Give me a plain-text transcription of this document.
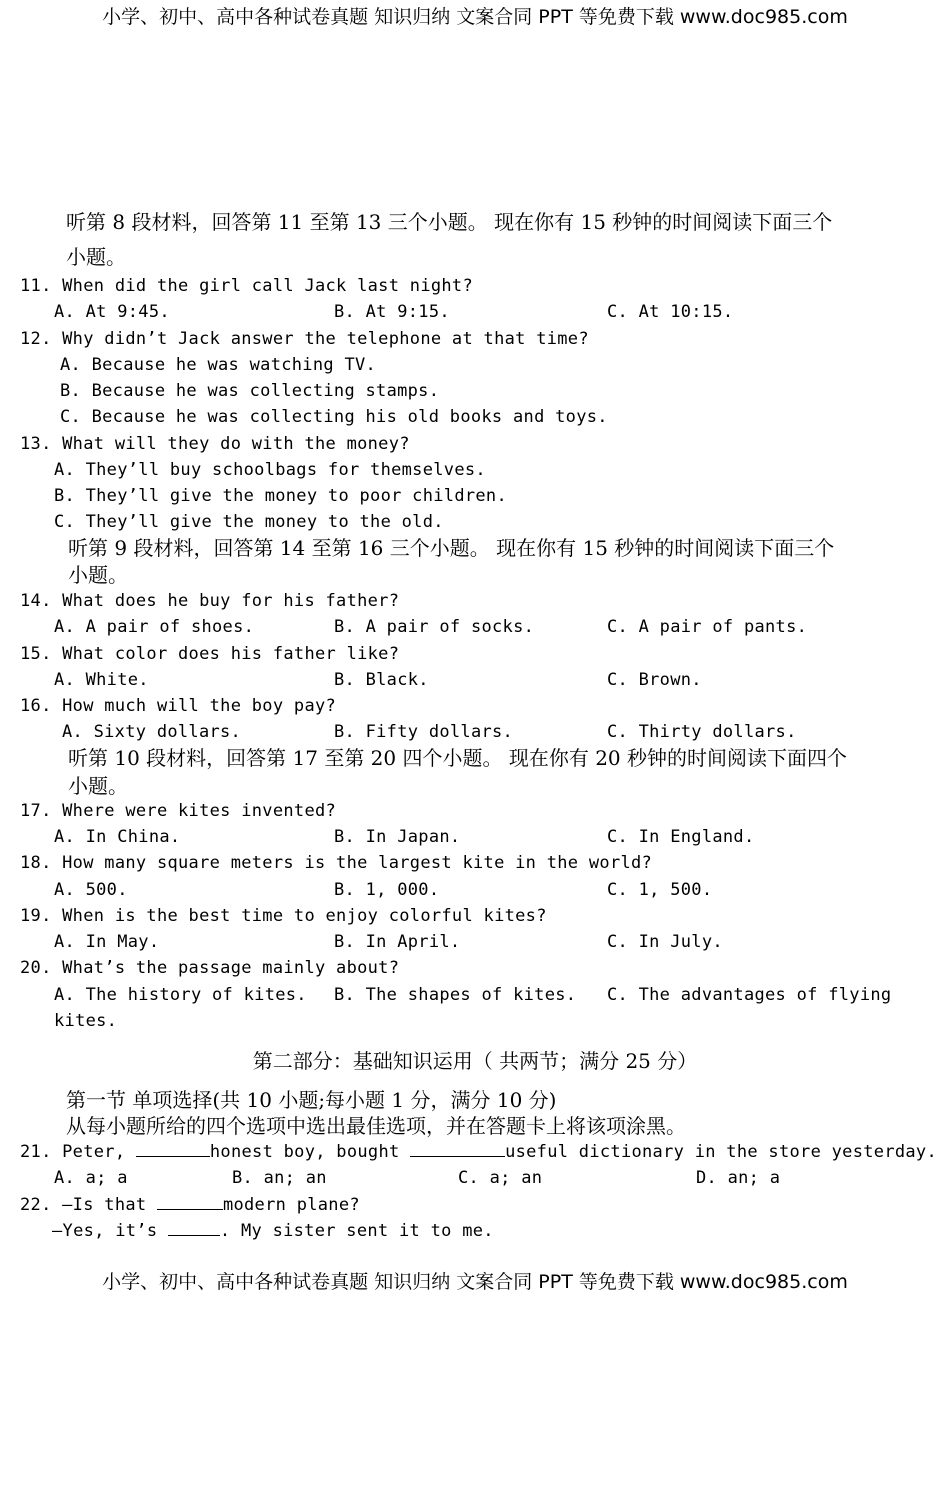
小学、初中、高中各种试卷真题 知识归纳 文案合同 PPT 等免费下载 www.doc985.com
听第 8 段材料，回答第 11 至第 13 三个小题。 现在你有 15 秒钟的时间阅读下面三个
小题。
11. When did the girl call Jack last night?
A. At 9:45.	B. At 9:15.	C. At 10:15.
12. Why didn’t Jack answer the telephone at that time?
A. Because he was watching TV.
B. Because he was collecting stamps.
C. Because he was collecting his old books and toys.
13. What will they do with the money?
A. They’ll buy schoolbags for themselves.
B. They’ll give the money to poor children.
C. They’ll give the money to the old.
听第 9 段材料，回答第 14 至第 16 三个小题。 现在你有 15 秒钟的时间阅读下面三个
小题。
14. What does he buy for his father?
A. A pair of shoes.	B. A pair of socks.	C. A pair of pants.
15. What color does his father like?
A. White.	B. Black.	C. Brown.
16. How much will the boy pay?
A. Sixty dollars.	B. Fifty dollars.	C. Thirty dollars.
听第 10 段材料，回答第 17 至第 20 四个小题。 现在你有 20 秒钟的时间阅读下面四个
小题。
17. Where were kites invented?
A. In China.	B. In Japan.	C. In England.
18. How many square meters is the largest kite in the world?
A. 500.	B. 1, 000.	C. 1, 500.
19. When is the best time to enjoy colorful kites?
A. In May.	B. In April.	C. In July.
20. What’s the passage mainly about?
A. The history of kites. B. The shapes of kites. C. The advantages of flying
kites.
第二部分：基础知识运用（ 共两节；满分 25 分）
第一节 单项选择(共 10 小题;每小题 1 分，满分 10 分)
从每小题所给的四个选项中选出最佳选项，并在答题卡上将该项涂黑。
21. Peter,	honest boy, bought	useful dictionary in the store yesterday.
A. a; a	B. an; an	C. a; an	D. an; a
22. —Is that	modern plane?
—Yes, it’s	. My sister sent it to me.
小学、初中、高中各种试卷真题 知识归纳 文案合同 PPT 等免费下载 www.doc985.com
